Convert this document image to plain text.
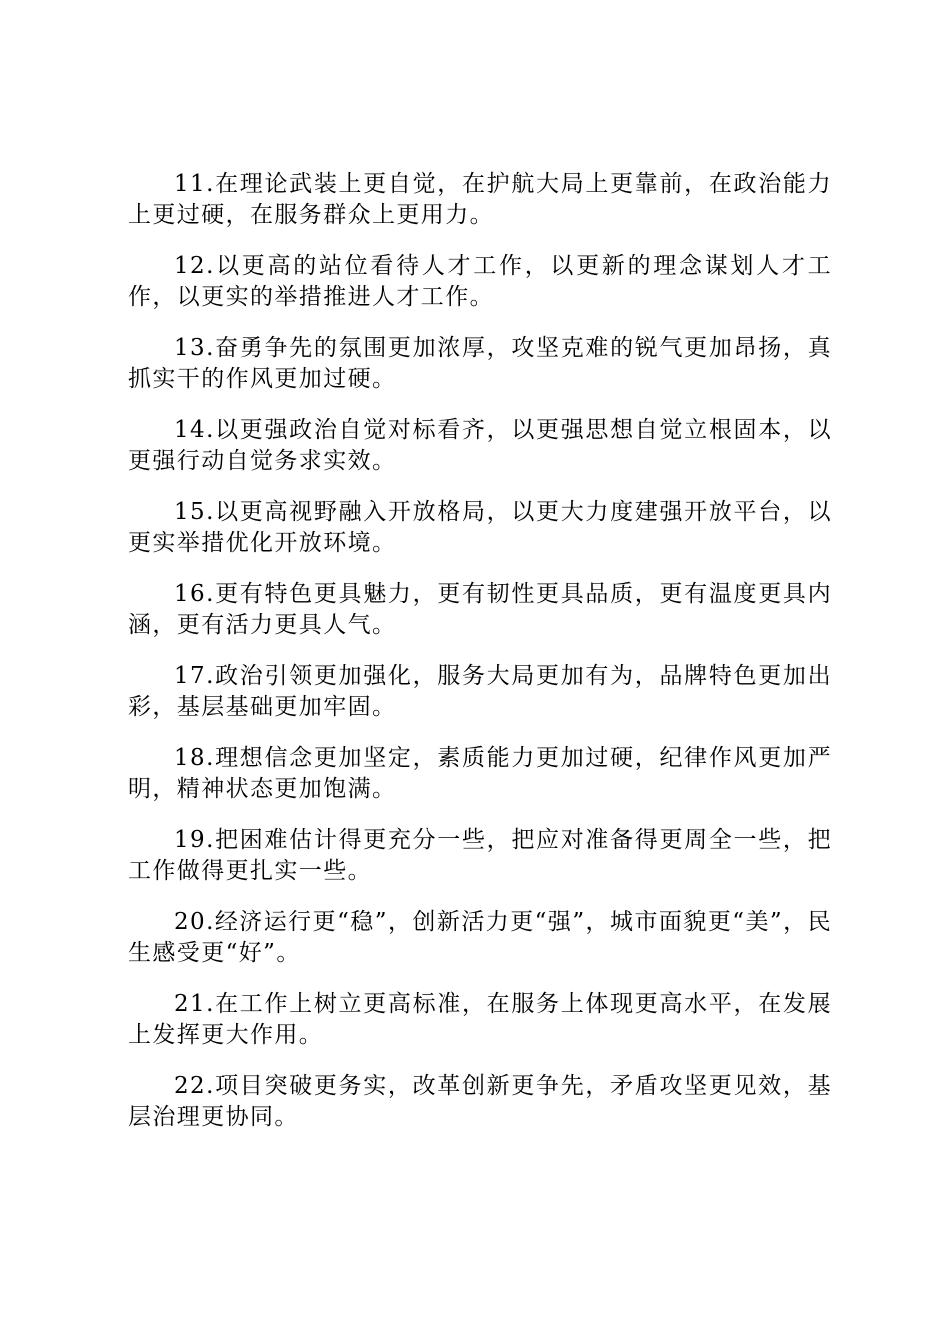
11.在理论武装上更自觉，在护航大局上更靠前，在政治能力上更过硬，在服务群众上更用力。

12.以更高的站位看待人才工作，以更新的理念谋划人才工作，以更实的举措推进人才工作。

13.奋勇争先的氛围更加浓厚，攻坚克难的锐气更加昂扬，真抓实干的作风更加过硬。

14.以更强政治自觉对标看齐，以更强思想自觉立根固本，以更强行动自觉务求实效。

15.以更高视野融入开放格局，以更大力度建强开放平台，以更实举措优化开放环境。

16.更有特色更具魅力，更有韧性更具品质，更有温度更具内涵，更有活力更具人气。

17.政治引领更加强化，服务大局更加有为，品牌特色更加出彩，基层基础更加牢固。

18.理想信念更加坚定，素质能力更加过硬，纪律作风更加严明，精神状态更加饱满。

19.把困难估计得更充分一些，把应对准备得更周全一些，把工作做得更扎实一些。

20.经济运行更“稳”，创新活力更“强”，城市面貌更“美”，民生感受更“好”。

21.在工作上树立更高标准，在服务上体现更高水平，在发展上发挥更大作用。

22.项目突破更务实，改革创新更争先，矛盾攻坚更见效，基层治理更协同。
